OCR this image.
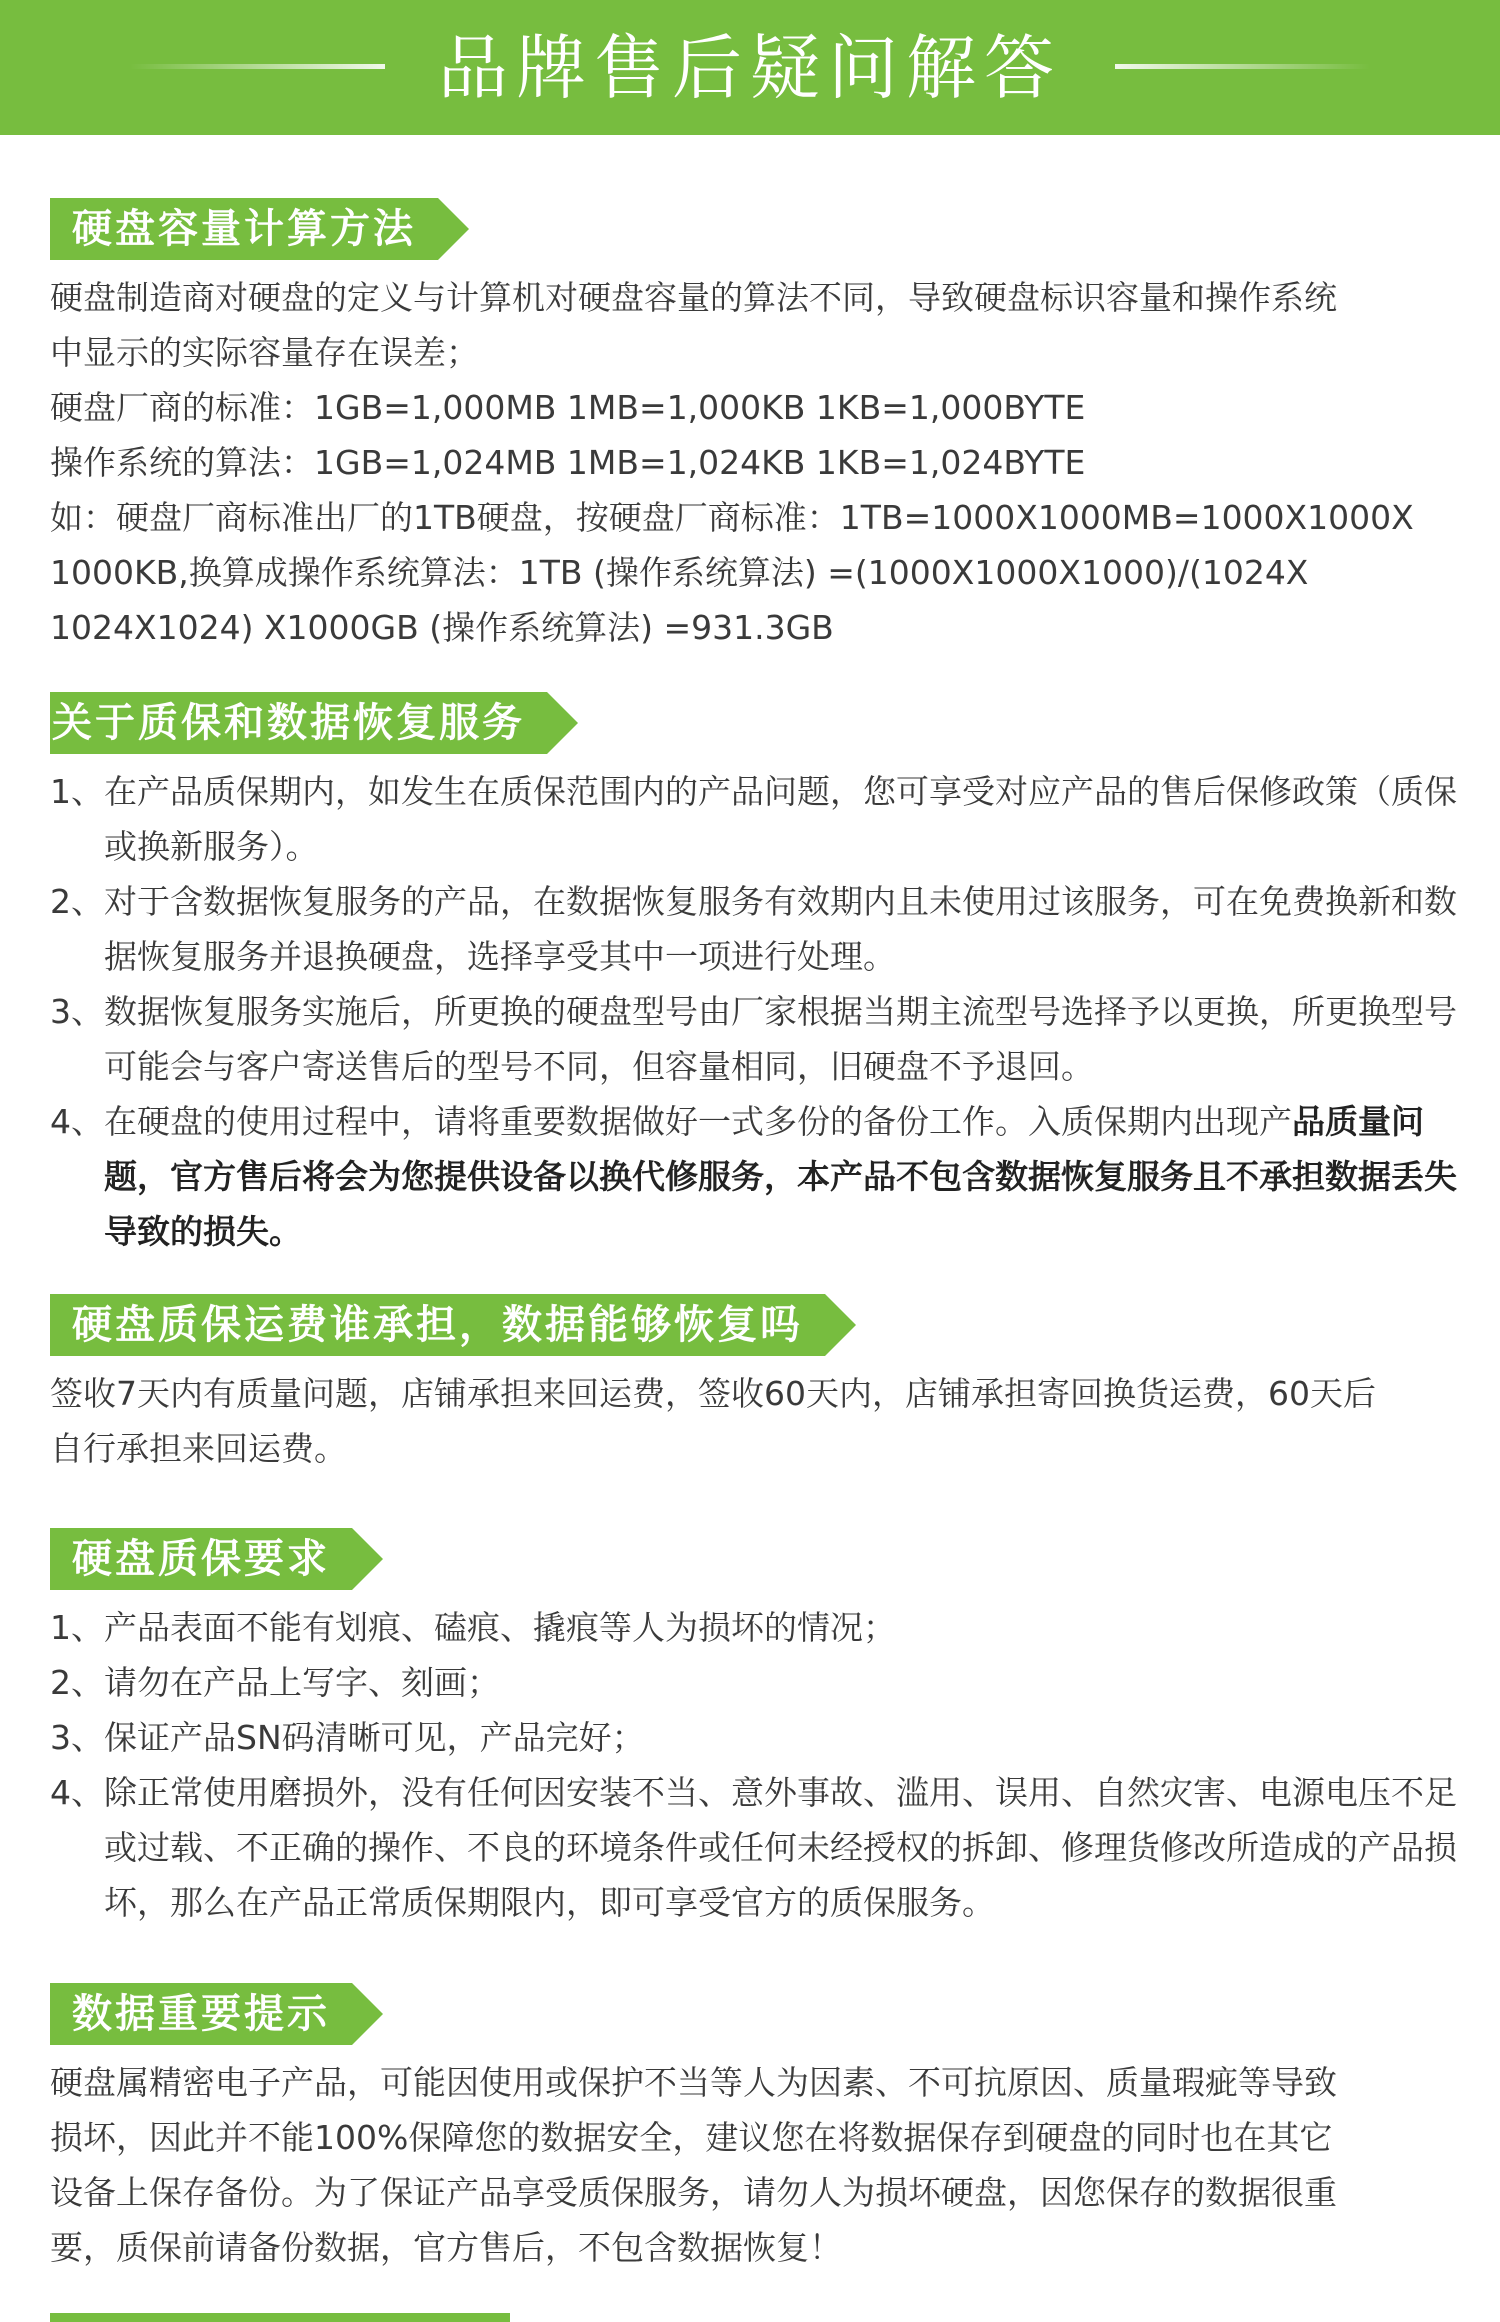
品牌售后疑问解答
硬盘容量计算方法

硬盘制造商对硬盘的定义与计算机对硬盘容量的算法不同，导致硬盘标识容量和操作系统

中显示的实际容量存在误差；

硬盘厂商的标准：1GB=1,000MB 1MB=1,000KB 1KB=1,000BYTE

操作系统的算法：1GB=1,024MB 1MB=1,024KB 1KB=1,024BYTE

如：硬盘厂商标准出厂的1TB硬盘，按硬盘厂商标准：1TB=1000X1000MB=1000X1000X

1000KB,换算成操作系统算法：1TB (操作系统算法) =(1000X1000X1000)/(1024X

1024X1024) X1000GB (操作系统算法) =931.3GB

关于质保和数据恢复服务
1、在产品质保期内，如发生在质保范围内的产品问题，您可享受对应产品的售后保修政策（质保或换新服务）。
2、对于含数据恢复服务的产品，在数据恢复服务有效期内且未使用过该服务，可在免费换新和数据恢复服务并退换硬盘，选择享受其中一项进行处理。
3、数据恢复服务实施后，所更换的硬盘型号由厂家根据当期主流型号选择予以更换，所更换型号可能会与客户寄送售后的型号不同，但容量相同，旧硬盘不予退回。
4、在硬盘的使用过程中，请将重要数据做好一式多份的备份工作。入质保期内出现产品质量问题，官方售后将会为您提供设备以换代修服务，本产品不包含数据恢复服务且不承担数据丢失导致的损失。
硬盘质保运费谁承担，数据能够恢复吗

签收7天内有质量问题，店铺承担来回运费，签收60天内，店铺承担寄回换货运费，60天后

自行承担来回运费。

硬盘质保要求
1、产品表面不能有划痕、磕痕、撬痕等人为损坏的情况；
2、请勿在产品上写字、刻画；
3、保证产品SN码清晰可见，产品完好；
4、除正常使用磨损外，没有任何因安装不当、意外事故、滥用、误用、自然灾害、电源电压不足或过载、不正确的操作、不良的环境条件或任何未经授权的拆卸、修理货修改所造成的产品损坏，那么在产品正常质保期限内，即可享受官方的质保服务。
数据重要提示

硬盘属精密电子产品，可能因使用或保护不当等人为因素、不可抗原因、质量瑕疵等导致

损坏，因此并不能100%保障您的数据安全，建议您在将数据保存到硬盘的同时也在其它

设备上保存备份。为了保证产品享受质保服务，请勿人为损坏硬盘，因您保存的数据很重

要，质保前请备份数据，官方售后，不包含数据恢复！
